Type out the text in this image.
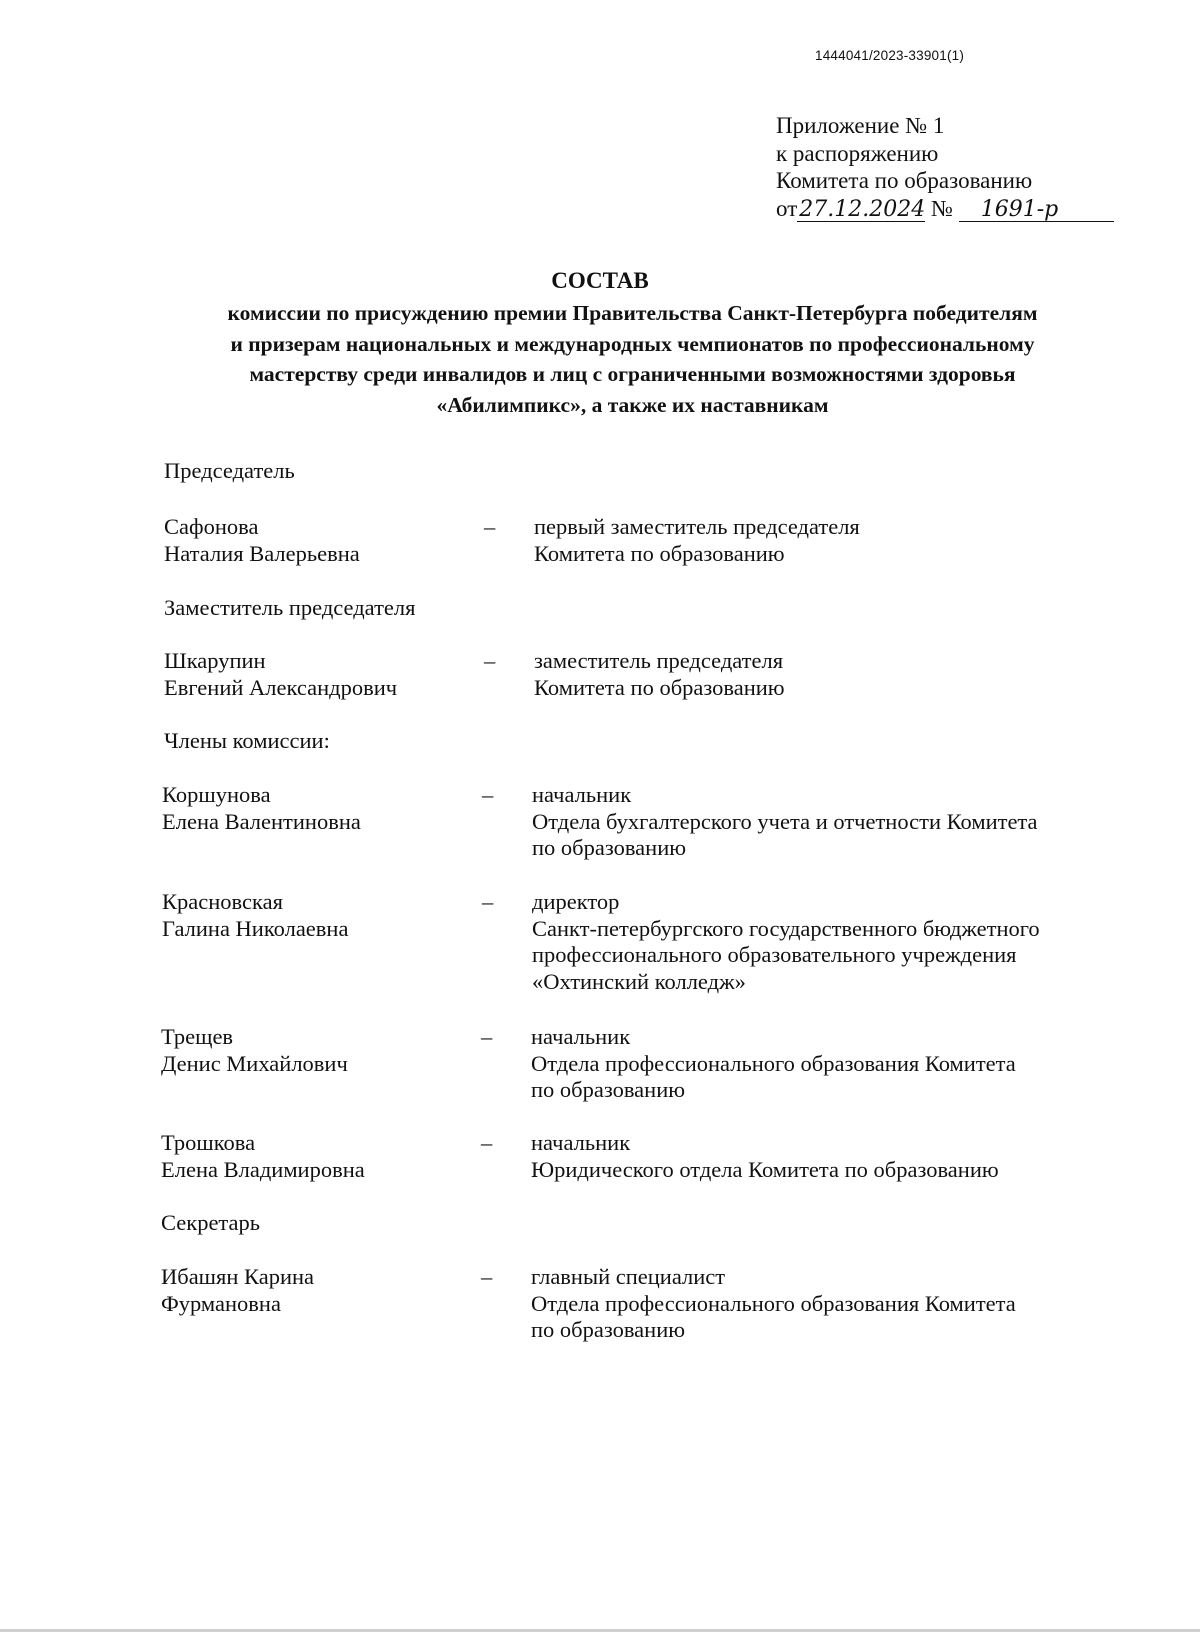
1444041/2023-33901(1)
Приложение № 1
к распоряжению
Комитета по образованию
от27.12.2024 № 1691-р
СОСТАВ
комиссии по присуждению премии Правительства Санкт-Петербурга победителям
и призерам национальных и международных чемпионатов по профессиональному
мастерству среди инвалидов и лиц с ограниченными возможностями здоровья
«Абилимпикс», а также их наставникам
Председатель
Сафонова
Наталия Валерьевна
– первый заместитель председателя
Комитета по образованию
Заместитель председателя
Шкарупин
Евгений Александрович
– заместитель председателя
Комитета по образованию
Члены комиссии:
Коршунова
Елена Валентиновна
– начальник
Отдела бухгалтерского учета и отчетности Комитета
по образованию
Красновская
Галина Николаевна
– директор
Санкт-петербургского государственного бюджетного
профессионального образовательного учреждения
«Охтинский колледж»
Трещев
Денис Михайлович
– начальник
Отдела профессионального образования Комитета
по образованию
Трошкова
Елена Владимировна
– начальник
Юридического отдела Комитета по образованию
Секретарь
Ибашян Карина
Фурмановна
– главный специалист
Отдела профессионального образования Комитета
по образованию
